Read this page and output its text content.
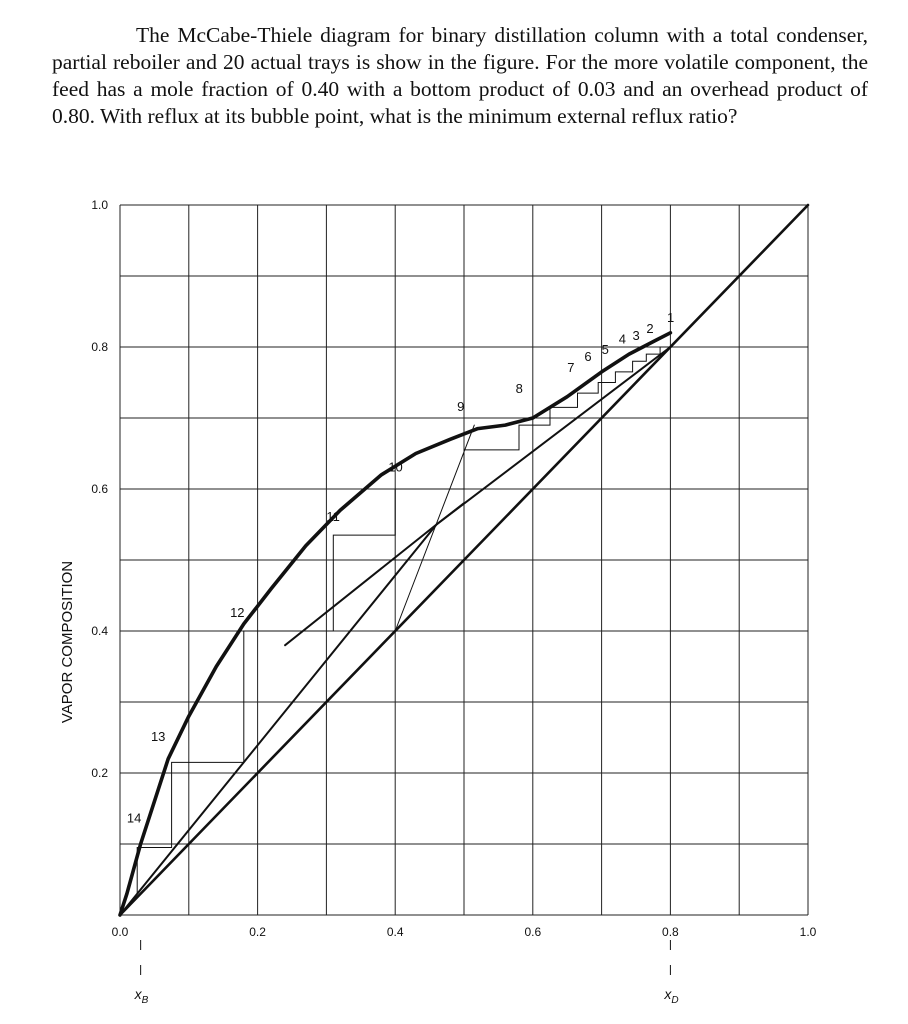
The McCabe-Thiele diagram for binary distillation column with a total condenser, partial reboiler and 20 actual trays is show in the figure. For the more volatile component, the feed has a mole fraction of 0.40 with a bottom product of 0.03 and an overhead product of 0.80. With reflux at its bubble point, what is the minimum external reflux ratio?

0.0	0.2	0.4	0.6	0.8	1.0
0.2
0.4
0.6
0.8
1.0
1
2
3
4
5
6
7
8
9
10
11
12
13
14
$x_B$	$x_D$
VAPOR COMPOSITION
